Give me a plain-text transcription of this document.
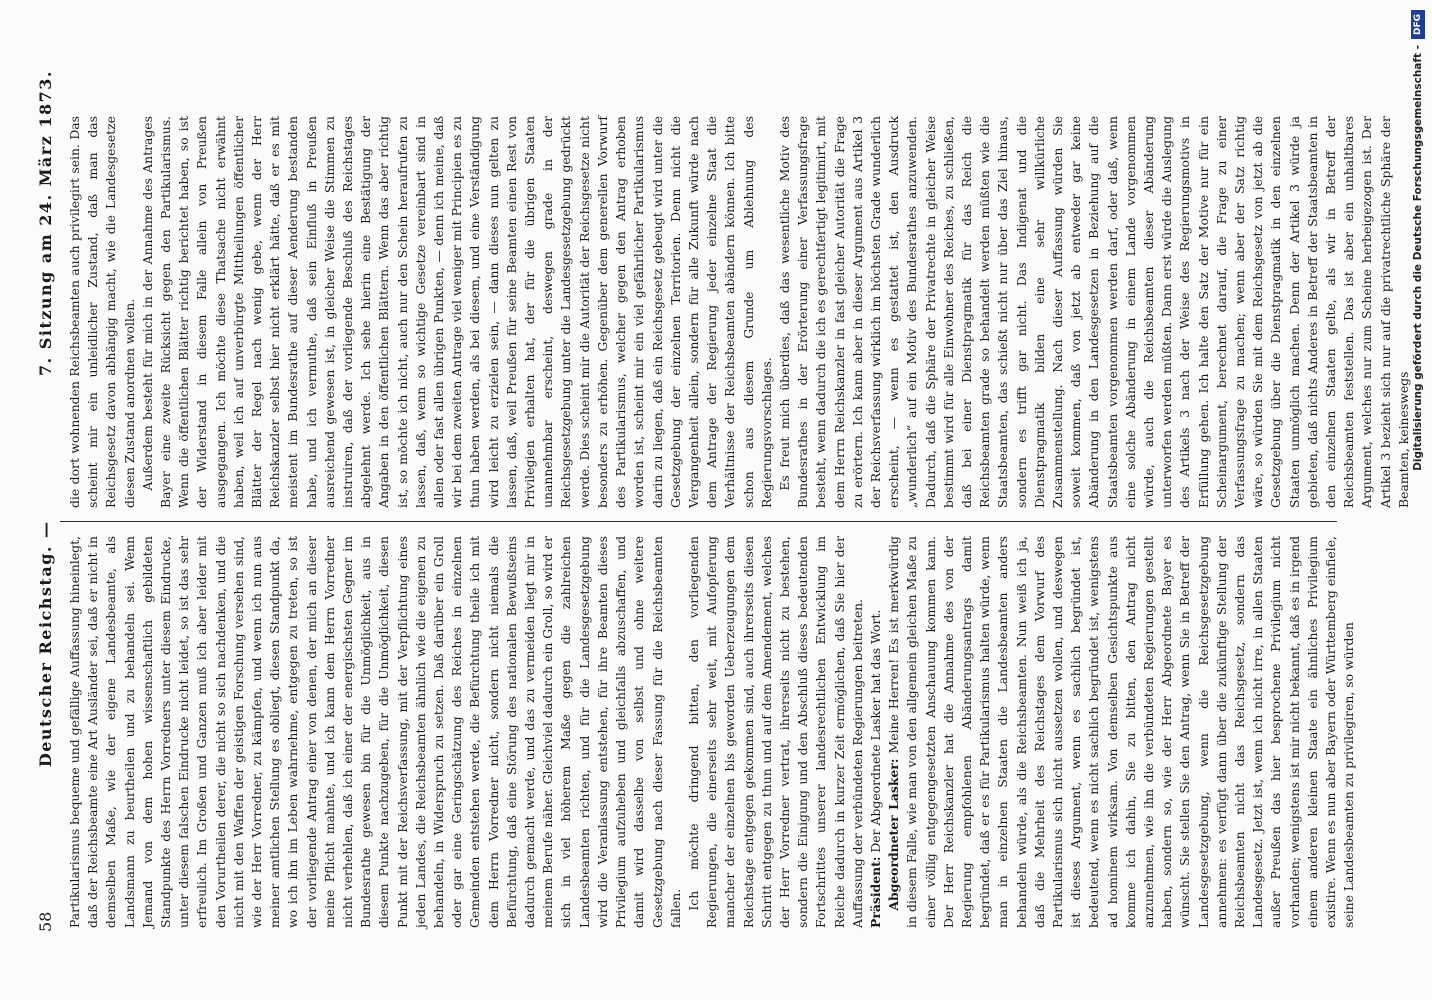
58
Deutscher Reichstag. —
7. Sitzung am 24. März 1873.

Partikularismus bequeme und gefällige Auffassung hineinlegt, daß der Reichsbeamte eine Art Ausländer sei, daß er nicht in demselben Maße, wie der eigene Landesbeamte, als Landsmann zu beurtheilen und zu behandeln sei. Wenn Jemand von dem hohen wissenschaftlich gebildeten Standpunkte des Herrn Vorredners unter diesem Eindrucke, unter diesem falschen Eindrucke nicht leidet, so ist das sehr erfreulich. Im Großen und Ganzen muß ich aber leider mit den Vorurtheilen derer, die nicht so sich nachdenken, und die nicht mit den Waffen der geistigen Forschung versehen sind, wie der Herr Vorredner, zu kämpfen, und wenn ich nun aus meiner amtlichen Stellung es obliegt, diesen Standpunkt da, wo ich ihn im Leben wahrnehme, entgegen zu treten, so ist der vorliegende Antrag einer von denen, der mich an dieser meine Pflicht mahnte, und ich kann dem Herrn Vorredner nicht verhehlen, daß ich einer der energischsten Gegner im Bundesrathe gewesen bin für die Unmöglichkeit, aus in diesem Punkte nachzugeben, für die Unmöglichkeit, diesen Punkt mit der Reichsverfassung, mit der Verpflichtung eines jeden Landes, die Reichsbeamten ähnlich wie die eigenen zu behandeln, in Widerspruch zu setzen. Daß darüber ein Groll oder gar eine Geringschätzung des Reiches in einzelnen Gemeinden entstehen werde, die Befürchtung theile ich mit dem Herrn Vorredner nicht, sondern nicht niemals die Befürchtung, daß eine Störung des nationalen Bewußtseins dadurch gemacht werde, und das zu vermeiden liegt mir in meinem Berufe näher. Gleichviel dadurch ein Groll, so wird er sich in viel höherem Maße gegen die zahlreichen Landesbeamten richten, und für die Landesgesetzgebung wird die Veranlassung entstehen, für ihre Beamten dieses Privilegium aufzuheben und gleichfalls abzuschaffen, und damit wird dasselbe von selbst und ohne weitere Gesetzgebung nach dieser Fassung für die Reichsbeamten fallen. Ich möchte dringend bitten, den vorliegenden Regierungen, die einerseits sehr weit, mit Aufopferung mancher der einzelnen bis geworden Ueberzeugungen dem Reichstage entgegen gekommen sind, auch ihrerseits diesen Schritt entgegen zu thun und auf dem Amendement, welches der Herr Vorredner vertrat, ihrerseits nicht zu bestehen, sondern die Einigung und den Abschluß dieses bedeutenden Fortschrittes unserer landesrechtlichen Entwicklung im Reiche dadurch in kurzer Zeit ermöglichen, daß Sie hier der Auffassung der verbündeten Regierungen beitreten. Präsident: Der Abgeordnete Lasker hat das Wort. Abgeordneter Lasker: Meine Herren! Es ist merkwürdig in diesem Falle, wie man von den allgemein gleichen Maße zu einer völlig entgegengesetzten Anschauung kommen kann. Der Herr Reichskanzler hat die Annahme des von der Regierung empfohlenen Abänderungsantrags damit begründet, daß er es für Partikularismus halten würde, wenn man in einzelnen Staaten die Landesbeamten anders behandeln würde, als die Reichsbeamten. Nun weiß ich ja, daß die Mehrheit des Reichstages dem Vorwurf des Partikularismus sich nicht aussetzen wollen, und deswegen ist dieses Argument, wenn es sachlich begründet ist, bedeutend, wenn es nicht sachlich begründet ist, wenigstens ad hominem wirksam. Von demselben Gesichtspunkte aus komme ich dahin, Sie zu bitten, den Antrag nicht anzunehmen, wie ihn die verbündeten Regierungen gestellt haben, sondern so, wie der Herr Abgeordnete Bayer es wünscht. Sie stellen Sie den Antrag, wenn Sie in Betreff der Landesgesetzgebung, wenn die Reichsgesetzgebung annehmen: es verfügt dann über die zukünftige Stellung der Reichsbeamten nicht das Reichsgesetz, sondern das Landesgesetz. Jetzt ist, wenn ich nicht irre, in allen Staaten außer Preußen das hier besprochene Privilegium nicht vorhanden; wenigstens ist mir nicht bekannt, daß es in irgend einem anderen kleinen Staate ein ähnliches Privilegium existire. Wenn es nun aber Bayern oder Württemberg einfiele, seine Landesbeamten zu privilegiren, so würden

die dort wohnenden Reichsbeamten auch privilegirt sein. Das scheint mir ein unleidlicher Zustand, daß man das Reichsgesetz davon abhängig macht, wie die Landesgesetze diesen Zustand anordnen wollen. Außerdem besteht für mich in der Annahme des Antrages Bayer eine zweite Rücksicht gegen den Partikularismus. Wenn die öffentlichen Blätter richtig berichtet haben, so ist der Widerstand in diesem Falle allein von Preußen ausgegangen. Ich möchte diese Thatsache nicht erwähnt haben, weil ich auf unverbürgte Mittheilungen öffentlicher Blätter der Regel nach wenig gebe, wenn der Herr Reichskanzler selbst hier nicht erklärt hätte, daß er es mit meistent im Bundesrathe auf dieser Aenderung bestanden habe, und ich vermuthe, daß sein Einfluß in Preußen ausreichend gewesen ist, in gleicher Weise die Stimmen zu instruiren, daß der vorliegende Beschluß des Reichstages abgelehnt werde. Ich sehe hierin eine Bestätigung der Angaben in den öffentlichen Blättern. Wenn das aber richtig ist, so möchte ich nicht, auch nur den Schein heraufrufen zu lassen, daß, wenn so wichtige Gesetze vereinbart sind in allen oder fast allen übrigen Punkten, — denn ich meine, daß wir bei dem zweiten Antrage viel weniger mit Principien es zu thun haben werden, als bei diesem, und eine Verständigung wird leicht zu erzielen sein, — dann dieses nun gelten zu lassen, daß, weil Preußen für seine Beamten einen Rest von Privilegien erhalten hat, der für die übrigen Staaten unannehmbar erscheint, deswegen grade in der Reichsgesetzgebung unter die Landesgesetzgebung gedrückt werde. Dies scheint mir die Autorität der Reichsgesetze nicht besonders zu erhöhen. Gegenüber dem generellen Vorwurf des Partikularismus, welcher gegen den Antrag erhoben worden ist, scheint mir ein viel gefährlicher Partikularismus darin zu liegen, daß ein Reichsgesetz gebeugt wird unter die Gesetzgebung der einzelnen Territorien. Denn nicht die Vergangenheit allein, sondern für alle Zukunft würde nach dem Antrage der Regierung jeder einzelne Staat die Verhältnisse der Reichsbeamten abändern können. Ich bitte schon aus diesem Grunde um Ablehnung des Regierungsvorschlages. Es freut mich überdies, daß das wesentliche Motiv des Bundesrathes in der Erörterung einer Verfassungsfrage besteht, wenn dadurch die ich es gerechtfertigt legitimirt, mit dem Herrn Reichskanzler in fast gleicher Autorität die Frage zu erörtern. Ich kann aber in dieser Argument aus Artikel 3 der Reichsverfassung wirklich im höchsten Grade wunderlich erscheint, — wenn es gestattet ist, den Ausdruck „wunderlich“ auf ein Motiv des Bundesrathes anzuwenden. Dadurch, daß die Sphäre der Privatrechte in gleicher Weise bestimmt wird für alle Einwohner des Reiches, zu schließen, daß bei einer Dienstpragmatik für das Reich die Reichsbeamten grade so behandelt werden müßten wie die Staatsbeamten, das schießt nicht nur über das Ziel hinaus, sondern es trifft gar nicht. Das Indigenat und die Dienstpragmatik bilden eine sehr willkürliche Zusammenstellung. Nach dieser Auffassung würden Sie soweit kommen, daß von jetzt ab entweder gar keine Abänderung in den Landesgesetzen in Beziehung auf die Staatsbeamten vorgenommen werden darf, oder daß, wenn eine solche Abänderung in einem Lande vorgenommen würde, auch die Reichsbeamten dieser Abänderung unterworfen werden müßten. Dann erst würde die Auslegung des Artikels 3 nach der Weise des Regierungsmotivs in Erfüllung gehen. Ich halte den Satz der Motive nur für ein Scheinargument, berechnet darauf, die Frage zu einer Verfassungsfrage zu machen; wenn aber der Satz richtig wäre, so würden Sie mit dem Reichsgesetz von jetzt ab die Gesetzgebung über die Dienstpragmatik in den einzelnen Staaten unmöglich machen. Denn der Artikel 3 würde ja gebieten, daß nichts Anderes in Betreff der Staatsbeamten in den einzelnen Staaten gelte, als wir in Betreff der Reichsbeamten feststellen. Das ist aber ein unhaltbares Argument, welches nur zum Scheine herbeigezogen ist. Der Artikel 3 bezieht sich nur auf die privatrechtliche Sphäre der Beamten, keineswegs Digitalisierung gefördert durch die Deutsche Forschungsgemeinschaft -
DFG
